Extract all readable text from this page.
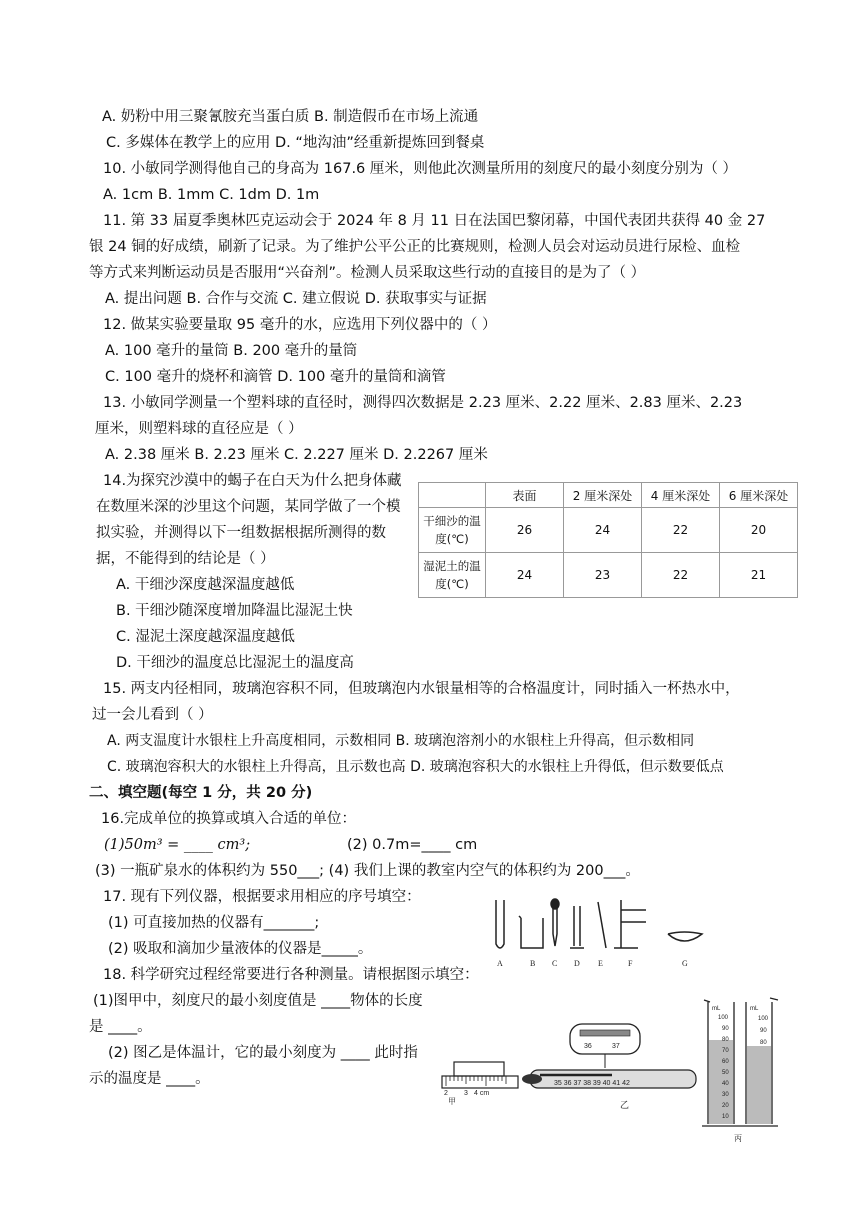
A. 奶粉中用三聚氰胺充当蛋白质 B. 制造假币在市场上流通
C. 多媒体在教学上的应用 D. “地沟油”经重新提炼回到餐桌
10. 小敏同学测得他自己的身高为 167.6 厘米，则他此次测量所用的刻度尺的最小刻度分别为（ ）
A. 1cm B. 1mm C. 1dm D. 1m
11. 第 33 届夏季奥林匹克运动会于 2024 年 8 月 11 日在法国巴黎闭幕，中国代表团共获得 40 金 27
银 24 铜的好成绩，刷新了记录。为了维护公平公正的比赛规则，检测人员会对运动员进行尿检、血检
等方式来判断运动员是否服用“兴奋剂”。检测人员采取这些行动的直接目的是为了（ ）
A. 提出问题 B. 合作与交流 C. 建立假说 D. 获取事实与证据
12. 做某实验要量取 95 毫升的水，应选用下列仪器中的（ ）
A. 100 毫升的量筒 B. 200 毫升的量筒
C. 100 毫升的烧杯和滴管 D. 100 毫升的量筒和滴管
13. 小敏同学测量一个塑料球的直径时，测得四次数据是 2.23 厘米、2.22 厘米、2.83 厘米、2.23
厘米，则塑料球的直径应是（ ）
A. 2.38 厘米 B. 2.23 厘米 C. 2.227 厘米 D. 2.2267 厘米
14.为探究沙漠中的蝎子在白天为什么把身体藏
在数厘米深的沙里这个问题，某同学做了一个模
拟实验，并测得以下一组数据根据所测得的数
据，不能得到的结论是（ ）
A. 干细沙深度越深温度越低
B. 干细沙随深度增加降温比湿泥土快
C. 湿泥土深度越深温度越低
D. 干细沙的温度总比湿泥土的温度高
	表面	2 厘米深处	4 厘米深处	6 厘米深处
干细沙的温度(℃)	26	24	22	20
湿泥土的温度(℃)	24	23	22	21
15. 两支内径相同，玻璃泡容积不同，但玻璃泡内水银量相等的合格温度计，同时插入一杯热水中，
过一会儿看到（ ）
A. 两支温度计水银柱上升高度相同，示数相同 B. 玻璃泡溶剂小的水银柱上升得高，但示数相同
C. 玻璃泡容积大的水银柱上升得高，且示数也高 D. 玻璃泡容积大的水银柱上升得低，但示数要低点
二、填空题(每空 1 分，共 20 分)
16.完成单位的换算或填入合适的单位：
(1)50m³ = ____ cm³;	(2) 0.7m=____ cm
(3) 一瓶矿泉水的体积约为 550___; (4) 我们上课的教室内空气的体积约为 200___。
17. 现有下列仪器，根据要求用相应的序号填空：
(1) 可直接加热的仪器有_______;
(2) 吸取和滴加少量液体的仪器是_____。
18. 科学研究过程经常要进行各种测量。请根据图示填空：
(1)图甲中，刻度尺的最小刻度值是 ____物体的长度
是 ____。
(2) 图乙是体温计，它的最小刻度为 ____ 此时指
示的温度是 ____。
A	B C D E	F	G
2 3 4 cm
甲
36	37
35 36 37 38 39 40 41 42
乙
mL
100
90
80
70
60
50
40
30
20
10
mL
100
90
80
丙
